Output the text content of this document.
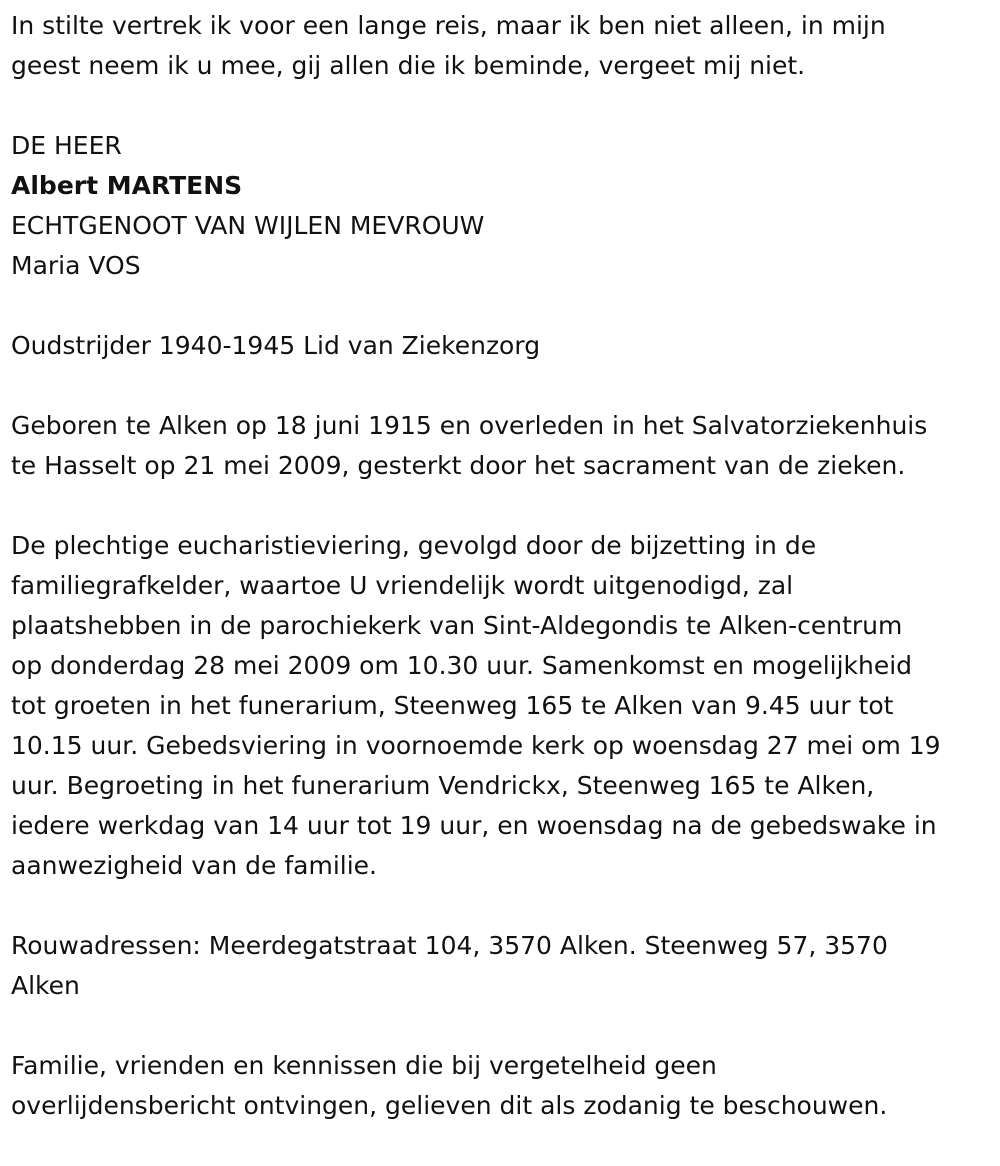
In stilte vertrek ik voor een lange reis, maar ik ben niet alleen, in mijn
geest neem ik u mee, gij allen die ik beminde, vergeet mij niet.
DE HEER
Albert MARTENS
ECHTGENOOT VAN WIJLEN MEVROUW
Maria VOS
Oudstrijder 1940-1945 Lid van Ziekenzorg
Geboren te Alken op 18 juni 1915 en overleden in het Salvatorziekenhuis
te Hasselt op 21 mei 2009, gesterkt door het sacrament van de zieken.
De plechtige eucharistieviering, gevolgd door de bijzetting in de
familiegrafkelder, waartoe U vriendelijk wordt uitgenodigd, zal
plaatshebben in de parochiekerk van Sint-Aldegondis te Alken-centrum
op donderdag 28 mei 2009 om 10.30 uur. Samenkomst en mogelijkheid
tot groeten in het funerarium, Steenweg 165 te Alken van 9.45 uur tot
10.15 uur. Gebedsviering in voornoemde kerk op woensdag 27 mei om 19
uur. Begroeting in het funerarium Vendrickx, Steenweg 165 te Alken,
iedere werkdag van 14 uur tot 19 uur, en woensdag na de gebedswake in
aanwezigheid van de familie.
Rouwadressen: Meerdegatstraat 104, 3570 Alken. Steenweg 57, 3570
Alken
Familie, vrienden en kennissen die bij vergetelheid geen
overlijdensbericht ontvingen, gelieven dit als zodanig te beschouwen.
